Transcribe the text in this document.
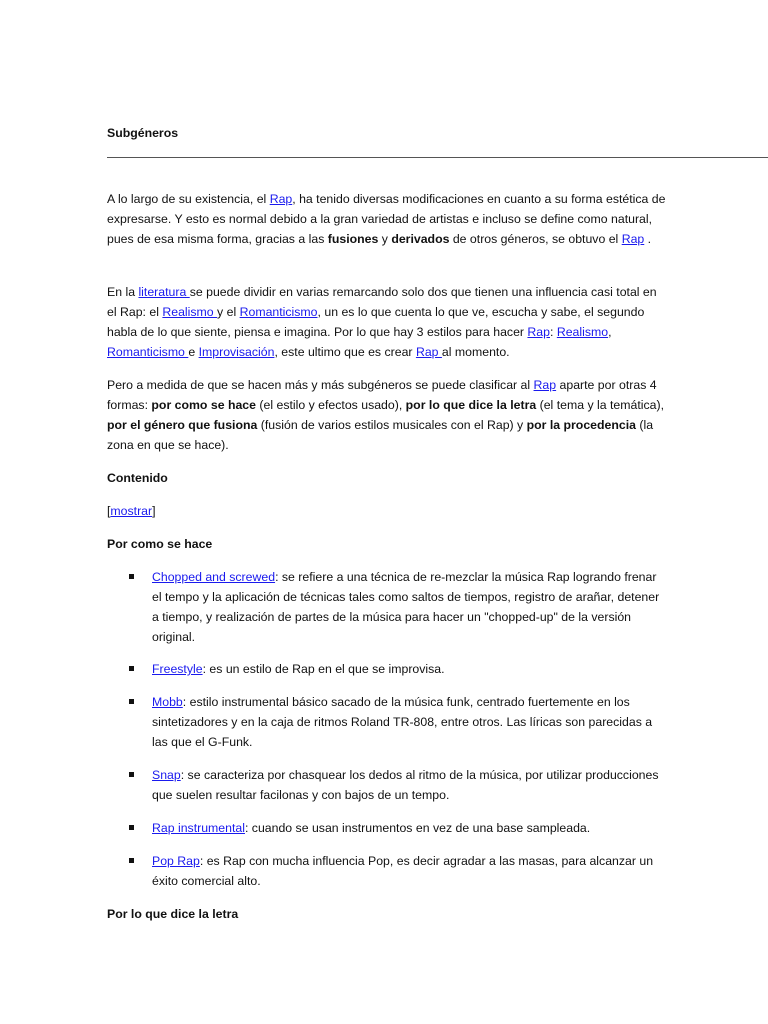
Subgéneros
A lo largo de su existencia, el Rap, ha tenido diversas modificaciones en cuanto a su forma estética de expresarse. Y esto es normal debido a la gran variedad de artistas e incluso se define como natural, pues de esa misma forma, gracias a las fusiones y derivados de otros géneros, se obtuvo el Rap .
En la literatura se puede dividir en varias remarcando solo dos que tienen una influencia casi total en el Rap: el Realismo y el Romanticismo, un es lo que cuenta lo que ve, escucha y sabe, el segundo habla de lo que siente, piensa e imagina. Por lo que hay 3 estilos para hacer Rap: Realismo, Romanticismo e Improvisación, este ultimo que es crear Rap al momento.
Pero a medida de que se hacen más y más subgéneros se puede clasificar al Rap aparte por otras 4 formas: por como se hace (el estilo y efectos usado), por lo que dice la letra (el tema y la temática), por el género que fusiona (fusión de varios estilos musicales con el Rap) y por la procedencia (la zona en que se hace).
Contenido
[mostrar]
Por como se hace
Chopped and screwed: se refiere a una técnica de re-mezclar la música Rap logrando frenar el tempo y la aplicación de técnicas tales como saltos de tiempos, registro de arañar, detener a tiempo, y realización de partes de la música para hacer un "chopped-up" de la versión original.
Freestyle: es un estilo de Rap en el que se improvisa.
Mobb: estilo instrumental básico sacado de la música funk, centrado fuertemente en los sintetizadores y en la caja de ritmos Roland TR-808, entre otros. Las líricas son parecidas a las que el G-Funk.
Snap: se caracteriza por chasquear los dedos al ritmo de la música, por utilizar producciones que suelen resultar facilonas y con bajos de un tempo.
Rap instrumental: cuando se usan instrumentos en vez de una base sampleada.
Pop Rap: es Rap con mucha influencia Pop, es decir agradar a las masas, para alcanzar un éxito comercial alto.
Por lo que dice la letra
